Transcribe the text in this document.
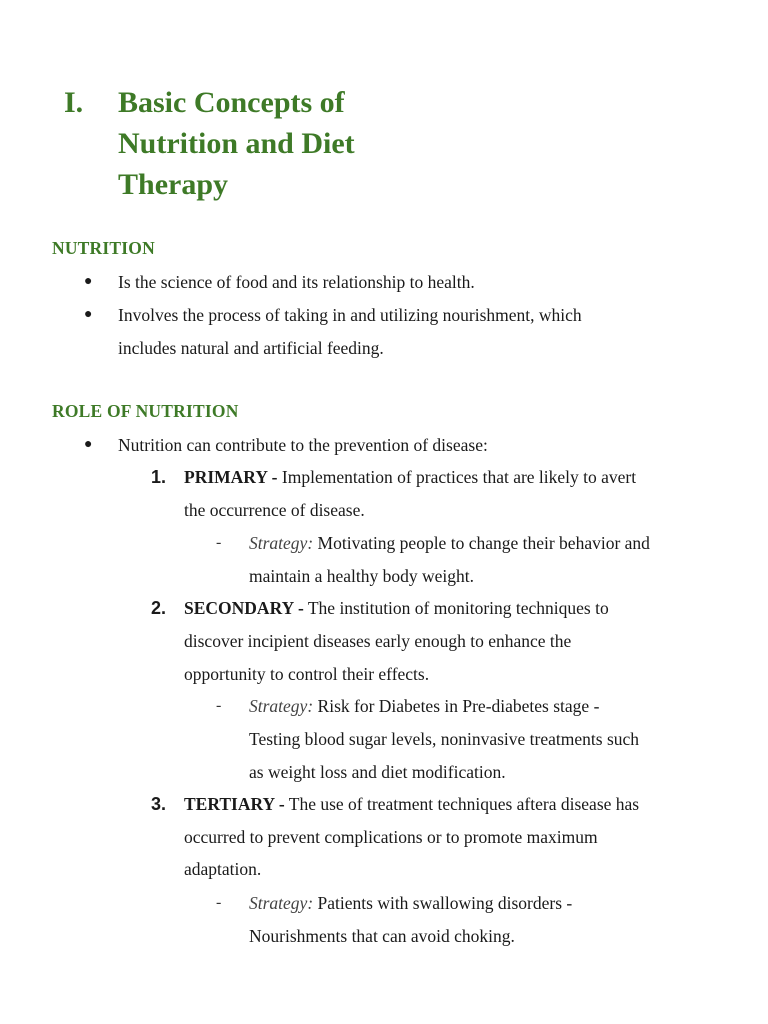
I. Basic Concepts of
Nutrition and Diet
Therapy
NUTRITION
● Is the science of food and its relationship to health.
● Involves the process of taking in and utilizing nourishment, which
includes natural and artificial feeding.
ROLE OF NUTRITION
● Nutrition can contribute to the prevention of disease:
1. PRIMARY - Implementation of practices that are likely to avert
the occurrence of disease.
- Strategy: Motivating people to change their behavior and
maintain a healthy body weight.
2. SECONDARY - The institution of monitoring techniques to
discover incipient diseases early enough to enhance the
opportunity to control their effects.
- Strategy: Risk for Diabetes in Pre-diabetes stage -
Testing blood sugar levels, noninvasive treatments such
as weight loss and diet modification.
3. TERTIARY - The use of treatment techniques aftera disease has
occurred to prevent complications or to promote maximum
adaptation.
- Strategy: Patients with swallowing disorders -
Nourishments that can avoid choking.
